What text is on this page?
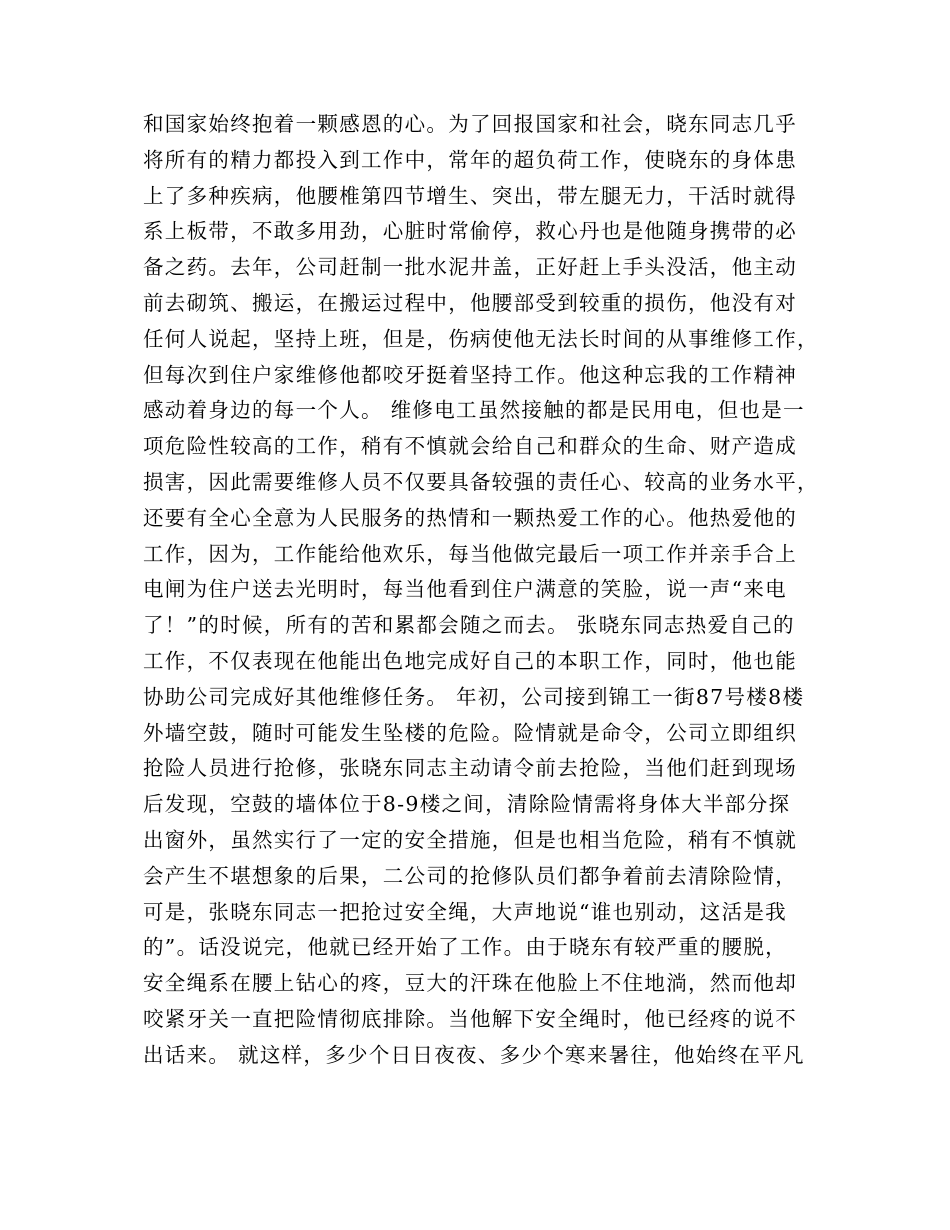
和国家始终抱着一颗感恩的心。为了回报国家和社会，晓东同志几乎
将所有的精力都投入到工作中，常年的超负荷工作，使晓东的身体患
上了多种疾病，他腰椎第四节增生、突出，带左腿无力，干活时就得
系上板带，不敢多用劲，心脏时常偷停，救心丹也是他随身携带的必
备之药。去年，公司赶制一批水泥井盖，正好赶上手头没活，他主动
前去砌筑、搬运，在搬运过程中，他腰部受到较重的损伤，他没有对
任何人说起，坚持上班，但是，伤病使他无法长时间的从事维修工作，
但每次到住户家维修他都咬牙挺着坚持工作。他这种忘我的工作精神
感动着身边的每一个人。 维修电工虽然接触的都是民用电，但也是一
项危险性较高的工作，稍有不慎就会给自己和群众的生命、财产造成
损害，因此需要维修人员不仅要具备较强的责任心、较高的业务水平，
还要有全心全意为人民服务的热情和一颗热爱工作的心。他热爱他的
工作，因为，工作能给他欢乐，每当他做完最后一项工作并亲手合上
电闸为住户送去光明时，每当他看到住户满意的笑脸，说一声“来电
了！”的时候，所有的苦和累都会随之而去。 张晓东同志热爱自己的
工作，不仅表现在他能出色地完成好自己的本职工作，同时，他也能
协助公司完成好其他维修任务。 年初，公司接到锦工一街87号楼8楼
外墙空鼓，随时可能发生坠楼的危险。险情就是命令，公司立即组织
抢险人员进行抢修，张晓东同志主动请令前去抢险，当他们赶到现场
后发现，空鼓的墙体位于8-9楼之间，清除险情需将身体大半部分探
出窗外，虽然实行了一定的安全措施，但是也相当危险，稍有不慎就
会产生不堪想象的后果，二公司的抢修队员们都争着前去清除险情，
可是，张晓东同志一把抢过安全绳，大声地说“谁也别动，这活是我
的”。话没说完，他就已经开始了工作。由于晓东有较严重的腰脱，
安全绳系在腰上钻心的疼，豆大的汗珠在他脸上不住地淌，然而他却
咬紧牙关一直把险情彻底排除。当他解下安全绳时，他已经疼的说不
出话来。 就这样，多少个日日夜夜、多少个寒来暑往，他始终在平凡
